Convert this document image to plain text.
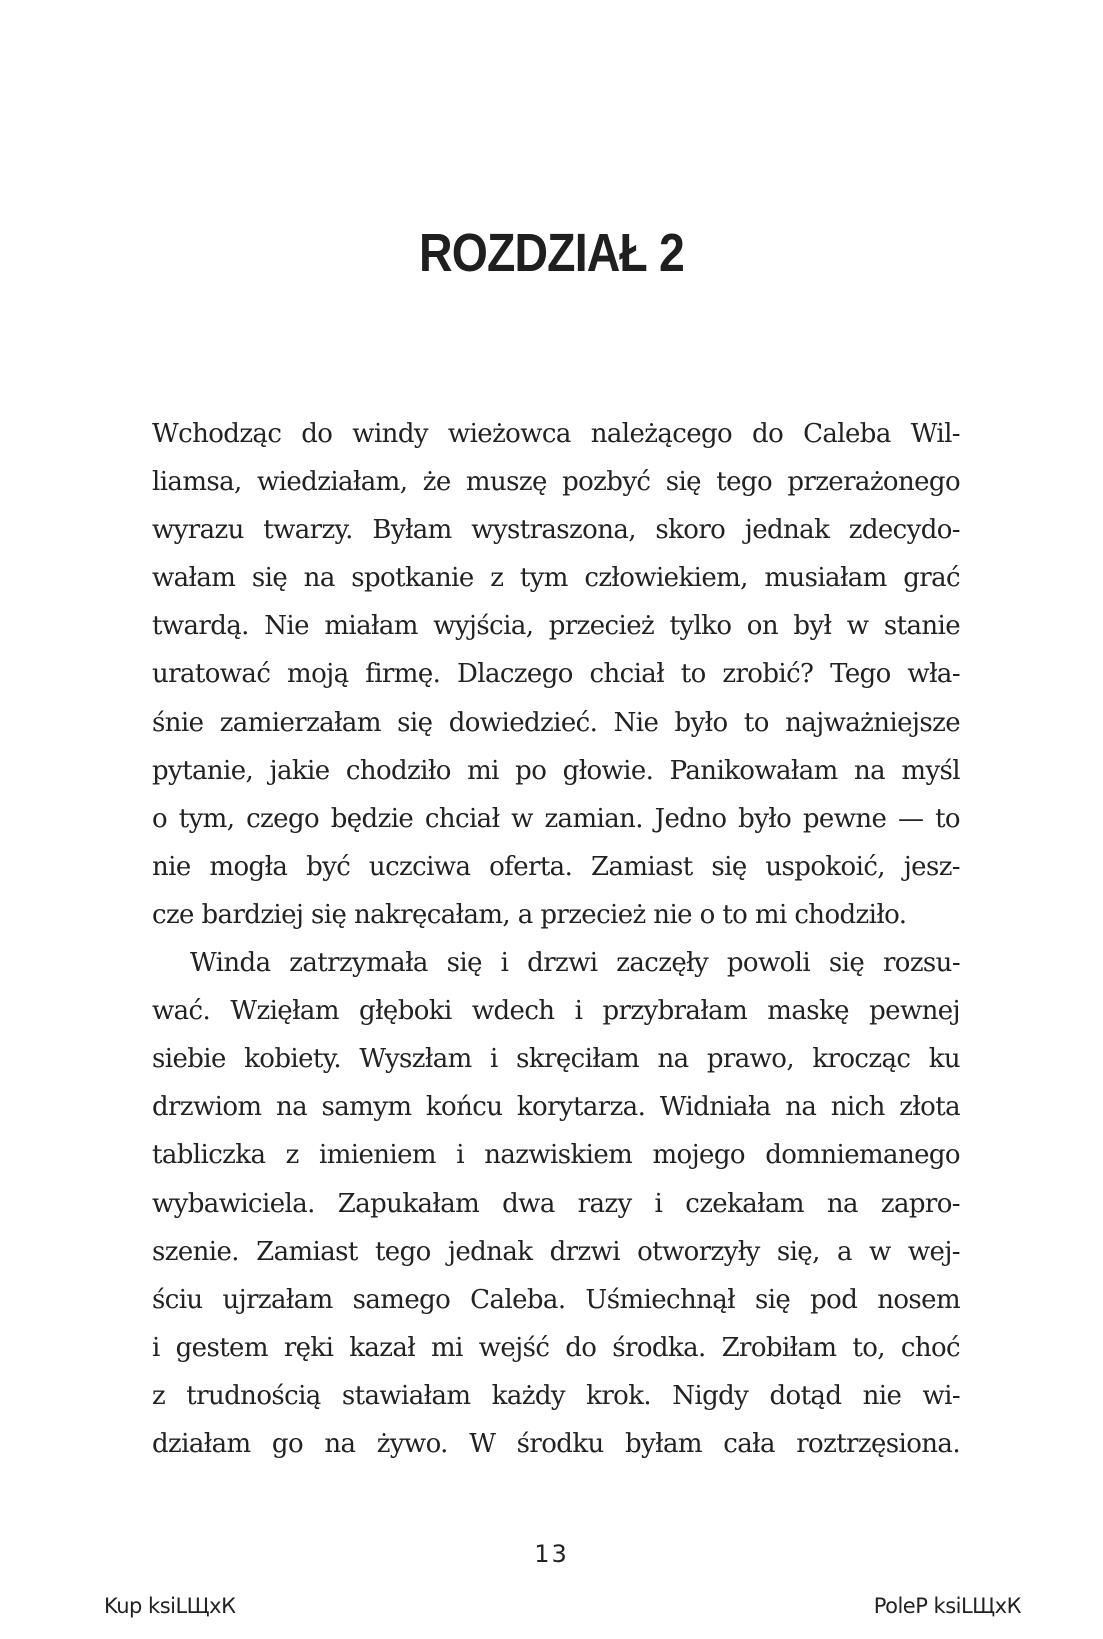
ROZDZIAŁ 2

Wchodząc do windy wieżowca należącego do Caleba Wil-
liamsa, wiedziałam, że muszę pozbyć się tego przerażonego
wyrazu twarzy. Byłam wystraszona, skoro jednak zdecydo-
wałam się na spotkanie z tym człowiekiem, musiałam grać
twardą. Nie miałam wyjścia, przecież tylko on był w stanie
uratować moją firmę. Dlaczego chciał to zrobić? Tego wła-
śnie zamierzałam się dowiedzieć. Nie było to najważniejsze
pytanie, jakie chodziło mi po głowie. Panikowałam na myśl
o tym, czego będzie chciał w zamian. Jedno było pewne — to
nie mogła być uczciwa oferta. Zamiast się uspokoić, jesz-
cze bardziej się nakręcałam, a przecież nie o to mi chodziło.

Winda zatrzymała się i drzwi zaczęły powoli się rozsu-
wać. Wzięłam głęboki wdech i przybrałam maskę pewnej
siebie kobiety. Wyszłam i skręciłam na prawo, krocząc ku
drzwiom na samym końcu korytarza. Widniała na nich złota
tabliczka z imieniem i nazwiskiem mojego domniemanego
wybawiciela. Zapukałam dwa razy i czekałam na zapro-
szenie. Zamiast tego jednak drzwi otworzyły się, a w wej-
ściu ujrzałam samego Caleba. Uśmiechnął się pod nosem
i gestem ręki kazał mi wejść do środka. Zrobiłam to, choć
z trudnością stawiałam każdy krok. Nigdy dotąd nie wi-
działam go na żywo. W środku byłam cała roztrzęsiona.

13
Kup ksiLЩхК	PoleP ksiLЩхК
